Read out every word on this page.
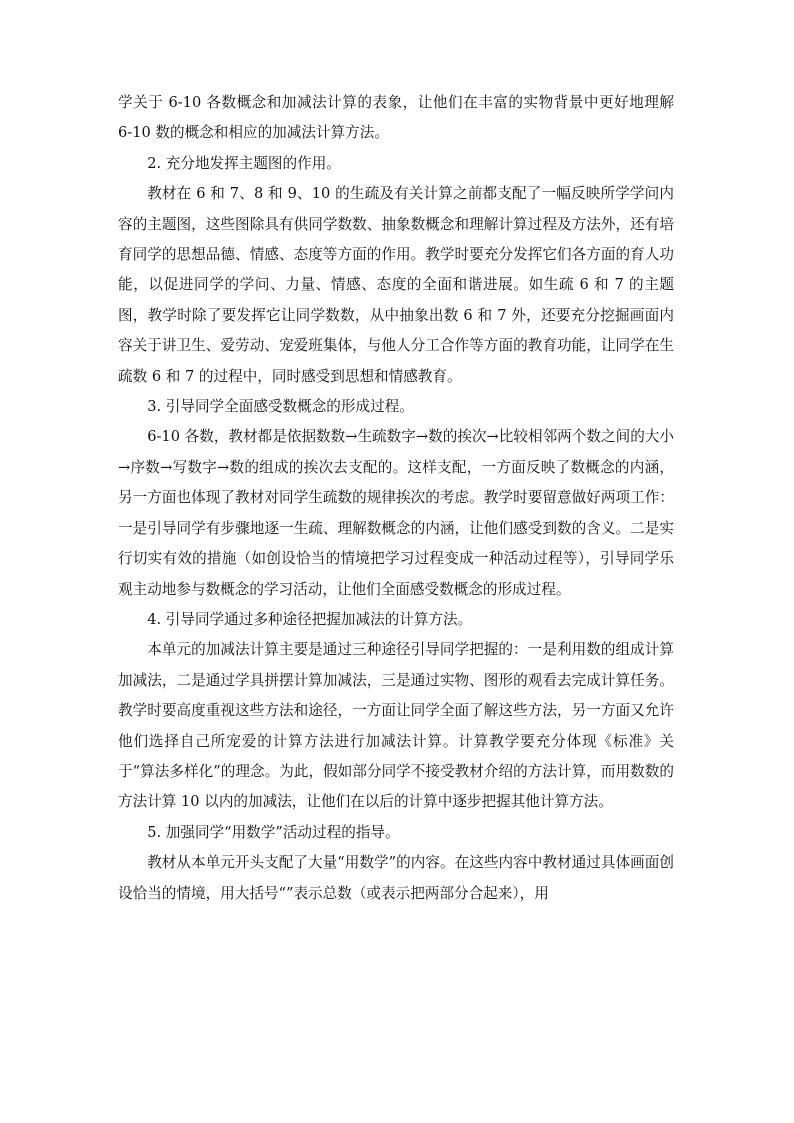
学关于 6-10 各数概念和加减法计算的表象，让他们在丰富的实物背景中更好地理解 6-10 数的概念和相应的加减法计算方法。

2. 充分地发挥主题图的作用。

教材在 6 和 7、8 和 9、10 的生疏及有关计算之前都支配了一幅反映所学学问内容的主题图，这些图除具有供同学数数、抽象数概念和理解计算过程及方法外，还有培育同学的思想品德、情感、态度等方面的作用。教学时要充分发挥它们各方面的育人功能，以促进同学的学问、力量、情感、态度的全面和谐进展。如生疏 6 和 7 的主题图，教学时除了要发挥它让同学数数，从中抽象出数 6 和 7 外，还要充分挖掘画面内容关于讲卫生、爱劳动、宠爱班集体，与他人分工合作等方面的教育功能，让同学在生疏数 6 和 7 的过程中，同时感受到思想和情感教育。

3. 引导同学全面感受数概念的形成过程。

6-10 各数，教材都是依据数数→生疏数字→数的挨次→比较相邻两个数之间的大小→序数→写数字→数的组成的挨次去支配的。这样支配，一方面反映了数概念的内涵，另一方面也体现了教材对同学生疏数的规律挨次的考虑。教学时要留意做好两项工作：一是引导同学有步骤地逐一生疏、理解数概念的内涵，让他们感受到数的含义。二是实行切实有效的措施（如创设恰当的情境把学习过程变成一种活动过程等），引导同学乐观主动地参与数概念的学习活动，让他们全面感受数概念的形成过程。

4. 引导同学通过多种途径把握加减法的计算方法。

本单元的加减法计算主要是通过三种途径引导同学把握的：一是利用数的组成计算加减法，二是通过学具拼摆计算加减法，三是通过实物、图形的观看去完成计算任务。教学时要高度重视这些方法和途径，一方面让同学全面了解这些方法，另一方面又允许他们选择自己所宠爱的计算方法进行加减法计算。计算教学要充分体现《标准》关于“算法多样化”的理念。为此，假如部分同学不接受教材介绍的方法计算，而用数数的方法计算 10 以内的加减法，让他们在以后的计算中逐步把握其他计算方法。

5. 加强同学“用数学”活动过程的指导。

教材从本单元开头支配了大量“用数学”的内容。在这些内容中教材通过具体画面创设恰当的情境，用大括号“”表示总数（或表示把两部分合起来），用
